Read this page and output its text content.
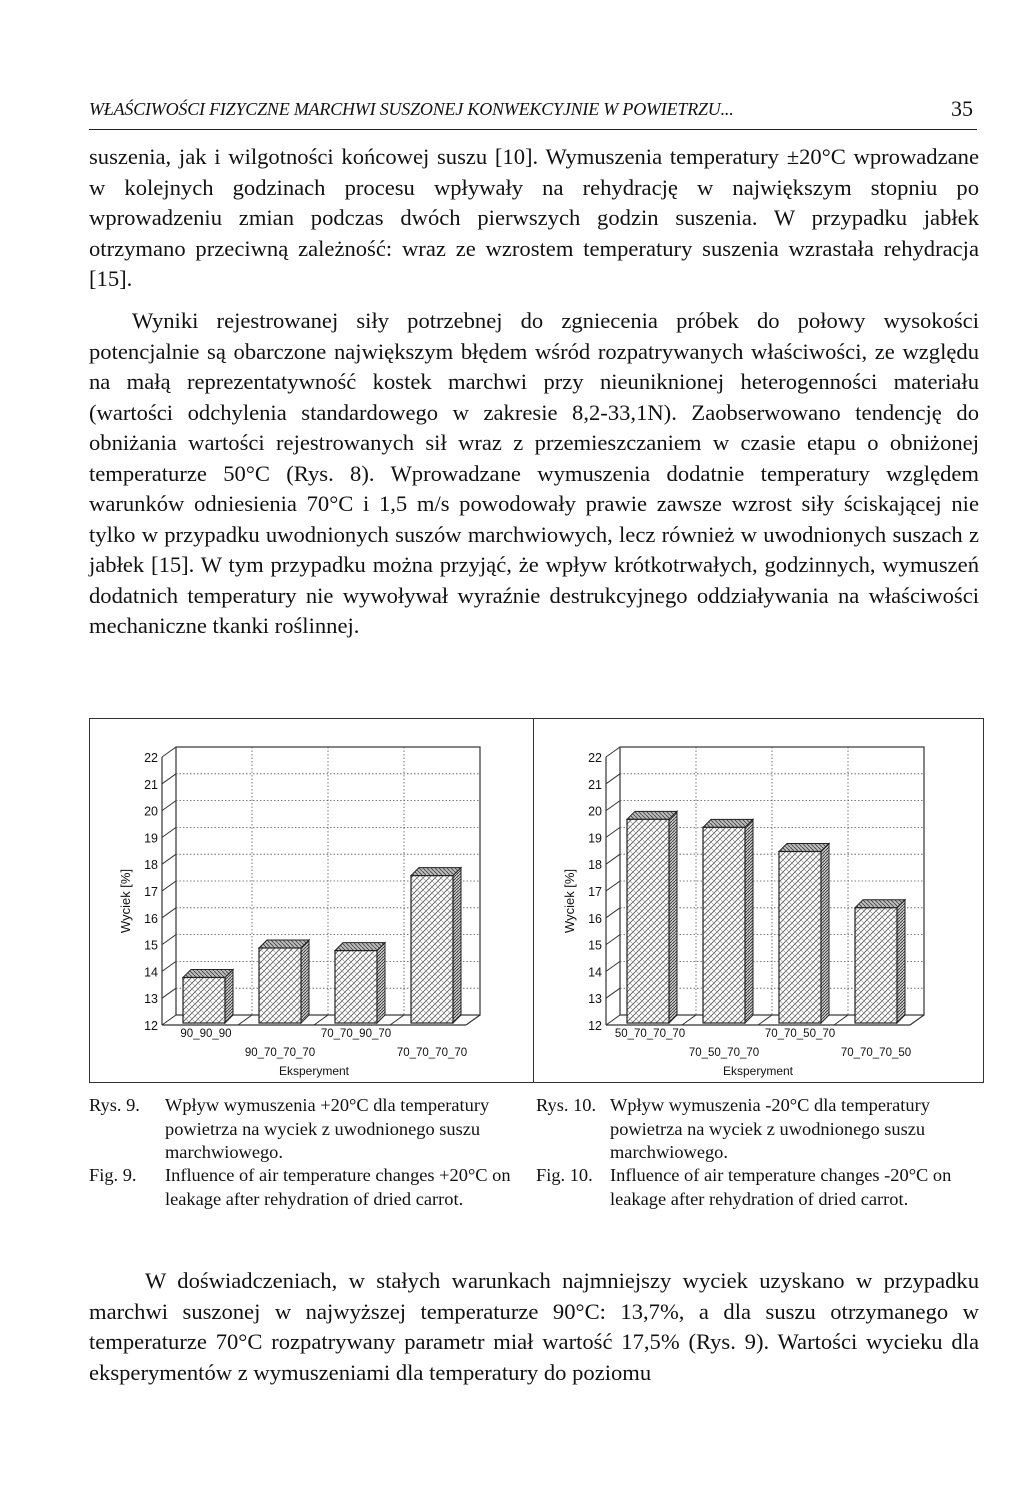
WŁAŚCIWOŚCI FIZYCZNE MARCHWI SUSZONEJ KONWEKCYJNIE W POWIETRZU...	35

suszenia, jak i wilgotności końcowej suszu [10]. Wymuszenia temperatury ±20°C wprowadzane w kolejnych godzinach procesu wpływały na rehydrację w największym stopniu po wprowadzeniu zmian podczas dwóch pierwszych godzin suszenia. W przypadku jabłek otrzymano przeciwną zależność: wraz ze wzrostem temperatury suszenia wzrastała rehydracja [15].

Wyniki rejestrowanej siły potrzebnej do zgniecenia próbek do połowy wysokości potencjalnie są obarczone największym błędem wśród rozpatrywanych właściwości, ze względu na małą reprezentatywność kostek marchwi przy nieuniknionej heterogenności materiału (wartości odchylenia standardowego w zakresie 8,2-33,1N). Zaobserwowano tendencję do obniżania wartości rejestrowanych sił wraz z przemieszczaniem w czasie etapu o obniżonej temperaturze 50°C (Rys. 8). Wprowadzane wymuszenia dodatnie temperatury względem warunków odniesienia 70°C i 1,5 m/s powodowały prawie zawsze wzrost siły ściskającej nie tylko w przypadku uwodnionych suszów marchwiowych, lecz również w uwodnionych suszach z jabłek [15]. W tym przypadku można przyjąć, że wpływ krótkotrwałych, godzinnych, wymuszeń dodatnich temperatury nie wywoływał wyraźnie destrukcyjnego oddziaływania na właściwości mechaniczne tkanki roślinnej.

12
13
14
15
16
17
18
19
20
21
22
90_90_90
90_70_70_70
70_70_90_70
70_70_70_70
Eksperyment
Wyciek [%]
12
13
14
15
16
17
18
19
20
21
22
50_70_70_70
70_50_70_70
70_70_50_70
70_70_70_50
Eksperyment
Wyciek [%]
Rys. 9. Wpływ wymuszenia +20°C dla temperatury powietrza na wyciek z uwodnionego suszu marchwiowego.
Fig. 9. Influence of air temperature changes +20°C on leakage after rehydration of dried carrot.
Rys. 10. Wpływ wymuszenia -20°C dla temperatury powietrza na wyciek z uwodnionego suszu marchwiowego.
Fig. 10. Influence of air temperature changes -20°C on leakage after rehydration of dried carrot.

W doświadczeniach, w stałych warunkach najmniejszy wyciek uzyskano w przypadku marchwi suszonej w najwyższej temperaturze 90°C: 13,7%, a dla suszu otrzymanego w temperaturze 70°C rozpatrywany parametr miał wartość 17,5% (Rys. 9). Wartości wycieku dla eksperymentów z wymuszeniami dla temperatury do poziomu
